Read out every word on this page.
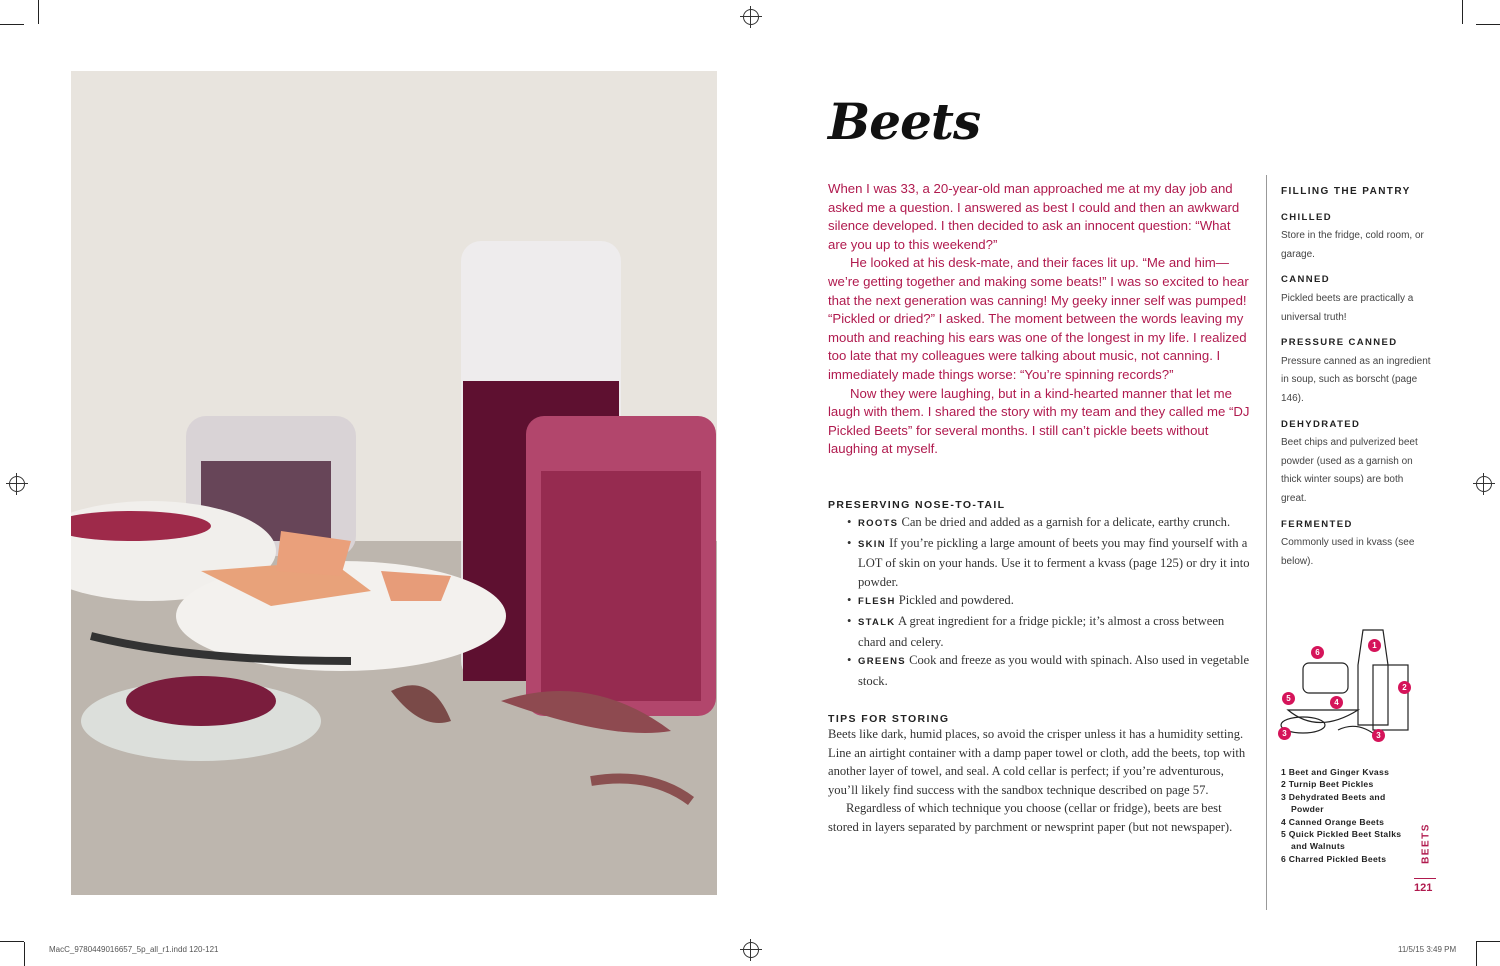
Beets

When I was 33, a 20-year-old man approached me at my day job and asked me a question. I answered as best I could and then an awkward silence developed. I then decided to ask an innocent question: “What are you up to this weekend?”

He looked at his desk-mate, and their faces lit up. “Me and him—we’re getting together and making some beats!” I was so excited to hear that the next generation was canning! My geeky inner self was pumped! “Pickled or dried?” I asked. The moment between the words leaving my mouth and reaching his ears was one of the longest in my life. I realized too late that my colleagues were talking about music, not canning. I immediately made things worse: “You’re spinning records?”

Now they were laughing, but in a kind-hearted manner that let me laugh with them. I shared the story with my team and they called me “DJ Pickled Beets” for several months. I still can’t pickle beets without laughing at myself.

PRESERVING NOSE-TO-TAIL
• ROOTS Can be dried and added as a garnish for a delicate, earthy crunch.
• SKIN If you’re pickling a large amount of beets you may find yourself with a LOT of skin on your hands. Use it to ferment a kvass (page 125) or dry it into powder.
• FLESH Pickled and powdered.
• STALK A great ingredient for a fridge pickle; it’s almost a cross between chard and celery.
• GREENS Cook and freeze as you would with spinach. Also used in vegetable stock.
TIPS FOR STORING

Beets like dark, humid places, so avoid the crisper unless it has a humidity setting. Line an airtight container with a damp paper towel or cloth, add the beets, top with another layer of towel, and seal. A cold cellar is perfect; if you’re adventurous, you’ll likely find success with the sandbox technique described on page 57.

Regardless of which technique you choose (cellar or fridge), beets are best stored in layers separated by parchment or newsprint paper (but not newspaper).

FILLING THE PANTRY
CHILLED
Store in the fridge, cold room, or garage.
CANNED
Pickled beets are practically a universal truth!
PRESSURE CANNED
Pressure canned as an ingredient in soup, such as borscht (page 146).
DEHYDRATED
Beet chips and pulverized beet powder (used as a garnish on thick winter soups) are both great.
FERMENTED
Commonly used in kvass (see below).
1
2
3	3
4
5
6
1 Beet and Ginger Kvass
2 Turnip Beet Pickles
3 Dehydrated Beets and Powder
4 Canned Orange Beets
5 Quick Pickled Beet Stalks and Walnuts
6 Charred Pickled Beets	BEETS
121
MacC_9780449016657_5p_all_r1.indd 120-121	11/5/15 3:49 PM
